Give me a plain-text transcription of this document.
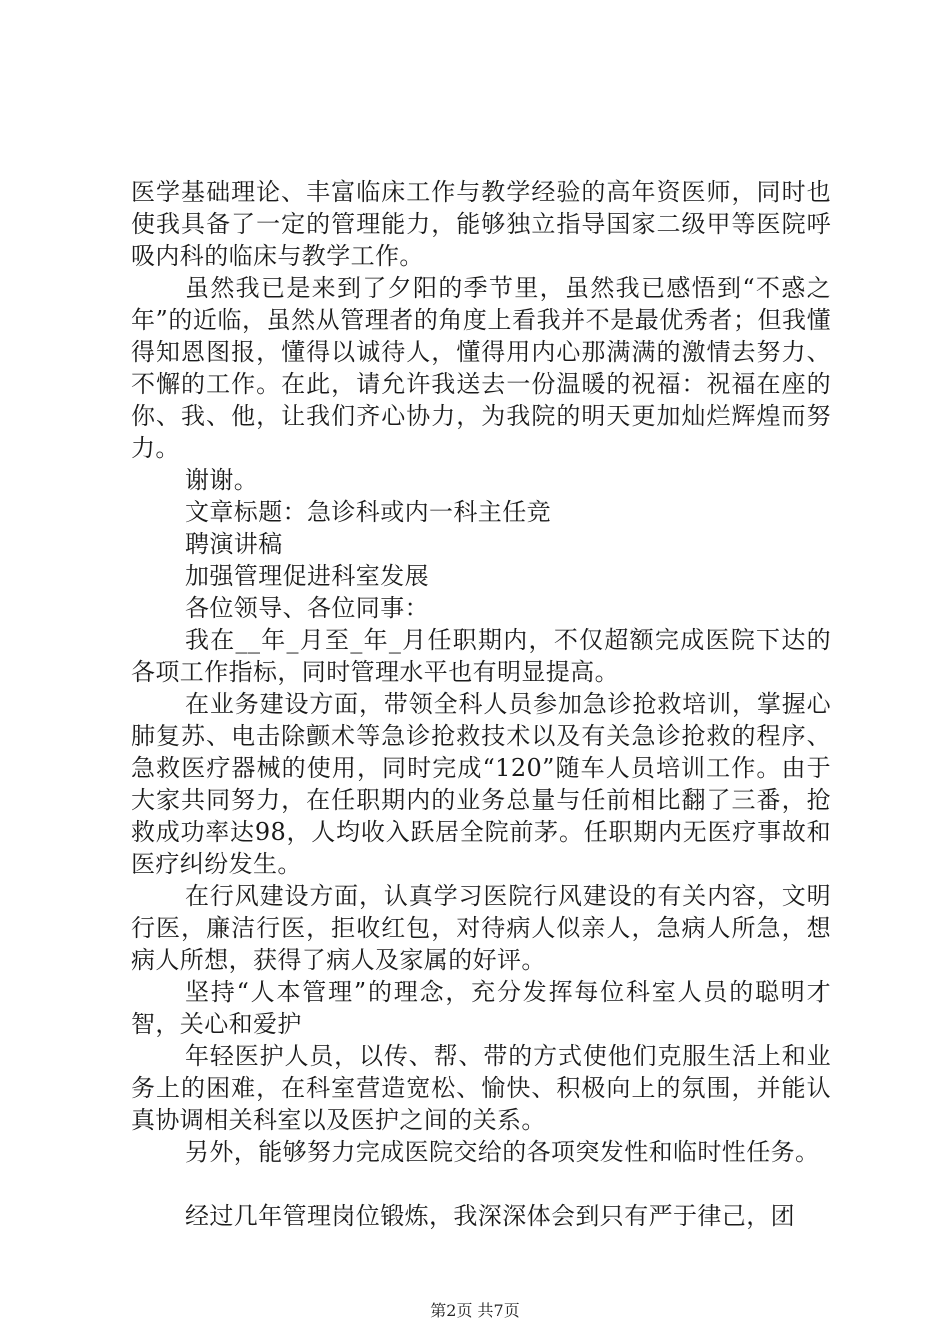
医学基础理论、丰富临床工作与教学经验的高年资医师，同时也使我具备了一定的管理能力，能够独立指导国家二级甲等医院呼吸内科的临床与教学工作。

虽然我已是来到了夕阳的季节里，虽然我已感悟到“不惑之年”的近临，虽然从管理者的角度上看我并不是最优秀者；但我懂得知恩图报，懂得以诚待人，懂得用内心那满满的激情去努力、不懈的工作。在此，请允许我送去一份温暖的祝福：祝福在座的你、我、他，让我们齐心协力，为我院的明天更加灿烂辉煌而努力。

谢谢。

文章标题：急诊科或内一科主任竞

聘演讲稿

加强管理促进科室发展

各位领导、各位同事：

我在__年_月至_年_月任职期内，不仅超额完成医院下达的各项工作指标，同时管理水平也有明显提高。

在业务建设方面，带领全科人员参加急诊抢救培训，掌握心肺复苏、电击除颤术等急诊抢救技术以及有关急诊抢救的程序、急救医疗器械的使用，同时完成“120”随车人员培训工作。由于大家共同努力，在任职期内的业务总量与任前相比翻了三番，抢救成功率达98，人均收入跃居全院前茅。任职期内无医疗事故和医疗纠纷发生。

在行风建设方面，认真学习医院行风建设的有关内容，文明行医，廉洁行医，拒收红包，对待病人似亲人，急病人所急，想病人所想，获得了病人及家属的好评。

坚持“人本管理”的理念，充分发挥每位科室人员的聪明才智，关心和爱护

年轻医护人员，以传、帮、带的方式使他们克服生活上和业务上的困难，在科室营造宽松、愉快、积极向上的氛围，并能认真协调相关科室以及医护之间的关系。

另外，能够努力完成医院交给的各项突发性和临时性任务。

经过几年管理岗位锻炼，我深深体会到只有严于律己，团

第2页 共7页
